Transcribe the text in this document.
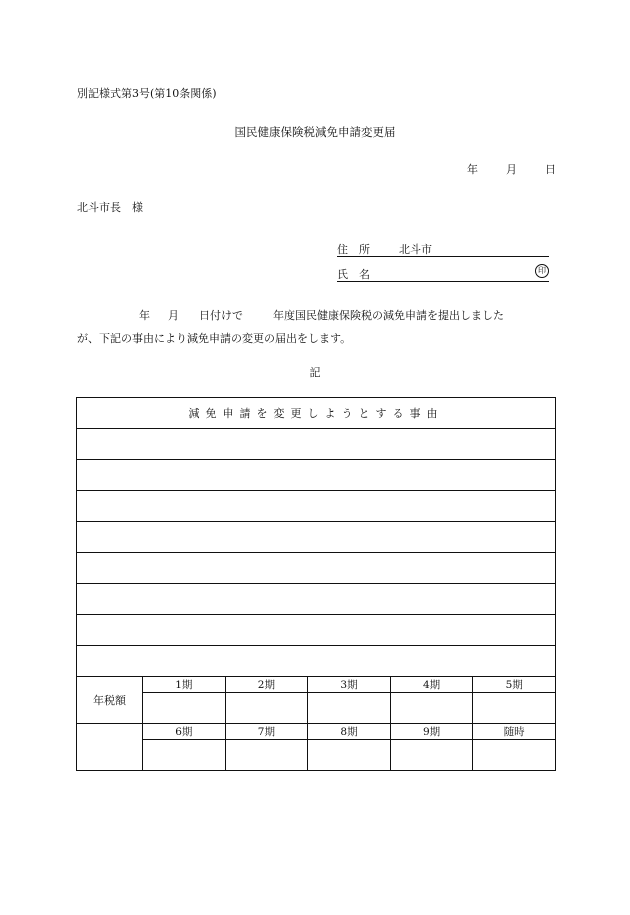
別記様式第3号(第10条関係)
国民健康保険税減免申請変更届
年	月	日
北斗市長　様
住　所	北斗市
氏　名	印
年 月 日付けで	年度国民健康保険税の減免申請を提出しました
が、下記の事由により減免申請の変更の届出をします。
記
減免申請を変更しようとする事由

年税額	1期	2期	3期	4期	5期

	6期	7期	8期	9期	随時
